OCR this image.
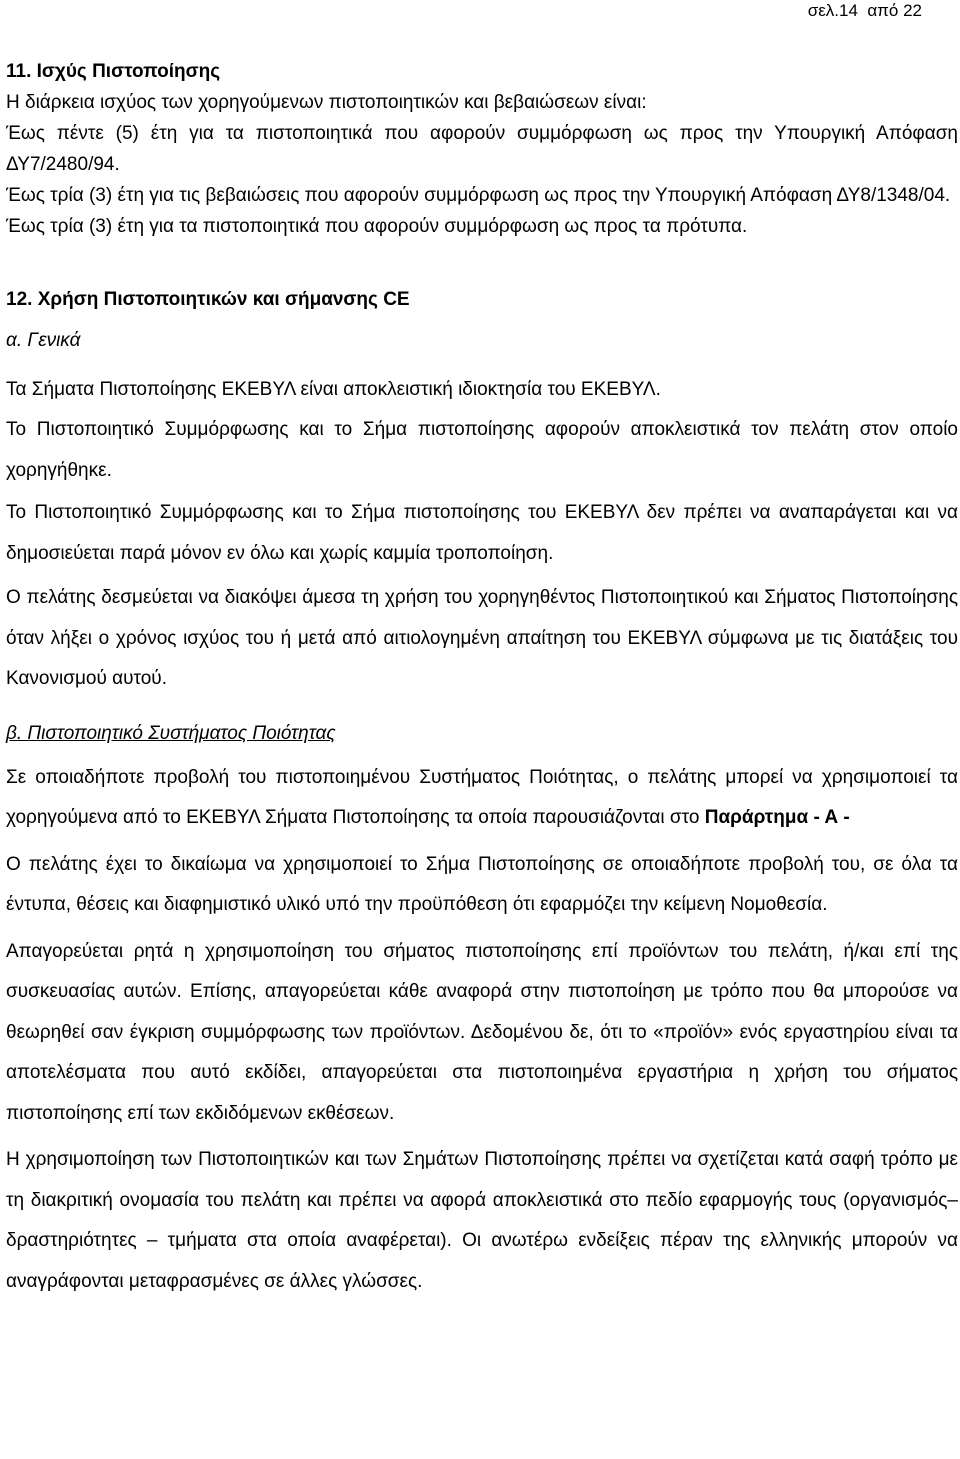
σελ.14  από 22
11. Ισχύς Πιστοποίησης

Η διάρκεια ισχύος των χορηγούμενων πιστοποιητικών και βεβαιώσεων είναι:

Έως πέντε (5) έτη για τα πιστοποιητικά που αφορούν συμμόρφωση ως προς την Υπουργική Απόφαση ΔΥ7/2480/94.

Έως τρία (3) έτη για τις βεβαιώσεις που αφορούν συμμόρφωση ως προς την Υπουργική Απόφαση ΔΥ8/1348/04.

Έως τρία (3) έτη για τα πιστοποιητικά που αφορούν συμμόρφωση ως προς τα πρότυπα.

12. Χρήση Πιστοποιητικών και σήμανσης CE
α. Γενικά

Τα Σήματα Πιστοποίησης ΕΚΕΒΥΛ είναι αποκλειστική ιδιοκτησία του ΕΚΕΒΥΛ.

Το Πιστοποιητικό Συμμόρφωσης και το Σήμα πιστοποίησης αφορούν αποκλειστικά τον πελάτη στον οποίο χορηγήθηκε.

Το Πιστοποιητικό Συμμόρφωσης και το Σήμα πιστοποίησης του ΕΚΕΒΥΛ δεν πρέπει να αναπαράγεται και να δημοσιεύεται παρά μόνον εν όλω και χωρίς καμμία τροποποίηση.

Ο πελάτης δεσμεύεται να διακόψει άμεσα τη χρήση του χορηγηθέντος Πιστοποιητικού και Σήματος Πιστοποίησης όταν λήξει ο χρόνος ισχύος του ή μετά από αιτιολογημένη απαίτηση του ΕΚΕΒΥΛ σύμφωνα με τις διατάξεις του Κανονισμού αυτού.

β. Πιστοποιητικό Συστήματος Ποιότητας

Σε οποιαδήποτε προβολή του πιστοποιημένου Συστήματος Ποιότητας, ο πελάτης μπορεί να χρησιμοποιεί τα χορηγούμενα από το ΕΚΕΒΥΛ Σήματα Πιστοποίησης τα οποία παρουσιάζονται στο Παράρτημα - Α -

Ο πελάτης έχει το δικαίωμα να χρησιμοποιεί το Σήμα Πιστοποίησης σε οποιαδήποτε προβολή του, σε όλα τα έντυπα, θέσεις και διαφημιστικό υλικό υπό την προϋπόθεση ότι εφαρμόζει την κείμενη Νομοθεσία.

Απαγορεύεται ρητά η χρησιμοποίηση του σήματος πιστοποίησης επί προϊόντων του πελάτη, ή/και επί της συσκευασίας αυτών. Επίσης, απαγορεύεται κάθε αναφορά στην πιστοποίηση με τρόπο που θα μπορούσε να θεωρηθεί σαν έγκριση συμμόρφωσης των προϊόντων. Δεδομένου δε, ότι το «προϊόν» ενός εργαστηρίου είναι τα αποτελέσματα που αυτό εκδίδει, απαγορεύεται στα πιστοποιημένα εργαστήρια η χρήση του σήματος πιστοποίησης επί των εκδιδόμενων εκθέσεων.

Η χρησιμοποίηση των Πιστοποιητικών και των Σημάτων Πιστοποίησης πρέπει να σχετίζεται κατά σαφή τρόπο με τη διακριτική ονομασία του πελάτη και πρέπει να αφορά αποκλειστικά στο πεδίο εφαρμογής τους (οργανισμός– δραστηριότητες – τμήματα στα οποία αναφέρεται). Οι ανωτέρω ενδείξεις πέραν της ελληνικής μπορούν να αναγράφονται μεταφρασμένες σε άλλες γλώσσες.
